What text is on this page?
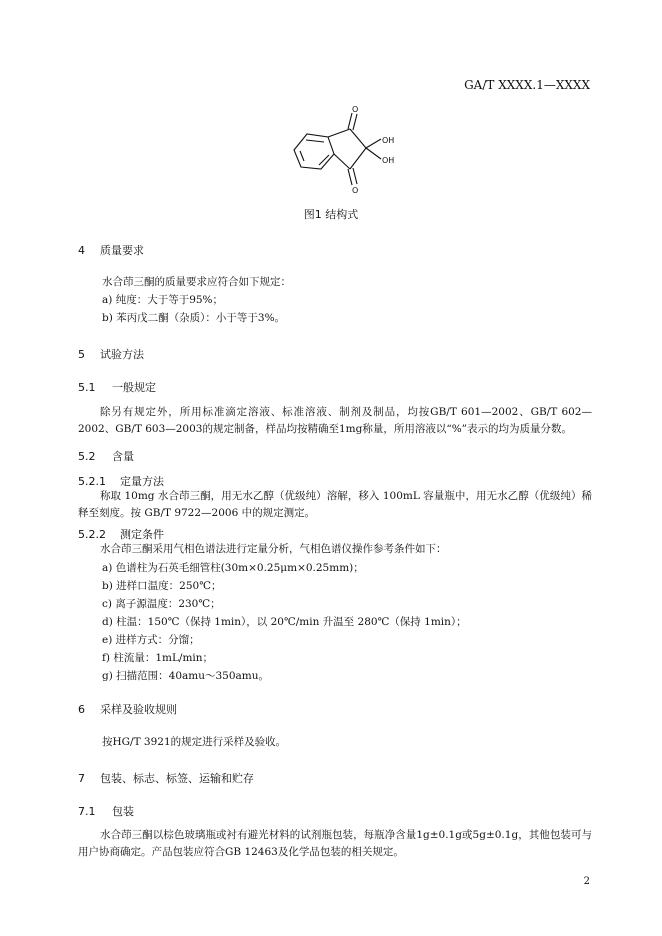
GA/T XXXX.1—XXXX
O
OH
OH
O
图1 结构式
4 质量要求
水合茚三酮的质量要求应符合如下规定：
a) 纯度：大于等于95%；
b) 苯丙戊二酮（杂质）：小于等于3%。
5 试验方法
5.1 一般规定
除另有规定外，所用标准滴定溶液、标准溶液、制剂及制品，均按GB/T 601—2002、GB/T 602—2002、GB/T 603—2003的规定制备，样品均按精确至1mg称量，所用溶液以“%”表示的均为质量分数。
5.2 含量
5.2.1 定量方法
称取 10mg 水合茚三酮，用无水乙醇（优级纯）溶解，移入 100mL 容量瓶中，用无水乙醇（优级纯）稀释至刻度。按 GB/T 9722—2006 中的规定测定。
5.2.2 测定条件
水合茚三酮采用气相色谱法进行定量分析，气相色谱仪操作参考条件如下：
a) 色谱柱为石英毛细管柱(30m×0.25μm×0.25mm)；
b) 进样口温度：250℃；
c) 离子源温度：230℃；
d) 柱温：150℃（保持 1min），以 20℃/min 升温至 280℃（保持 1min）；
e) 进样方式：分馏；
f) 柱流量：1mL/min；
g) 扫描范围：40amu～350amu。
6 采样及验收规则
按HG/T 3921的规定进行采样及验收。
7 包装、标志、标签、运输和贮存
7.1 包装
水合茚三酮以棕色玻璃瓶或衬有避光材料的试剂瓶包装，每瓶净含量1g±0.1g或5g±0.1g，其他包装可与用户协商确定。产品包装应符合GB 12463及化学品包装的相关规定。
2
